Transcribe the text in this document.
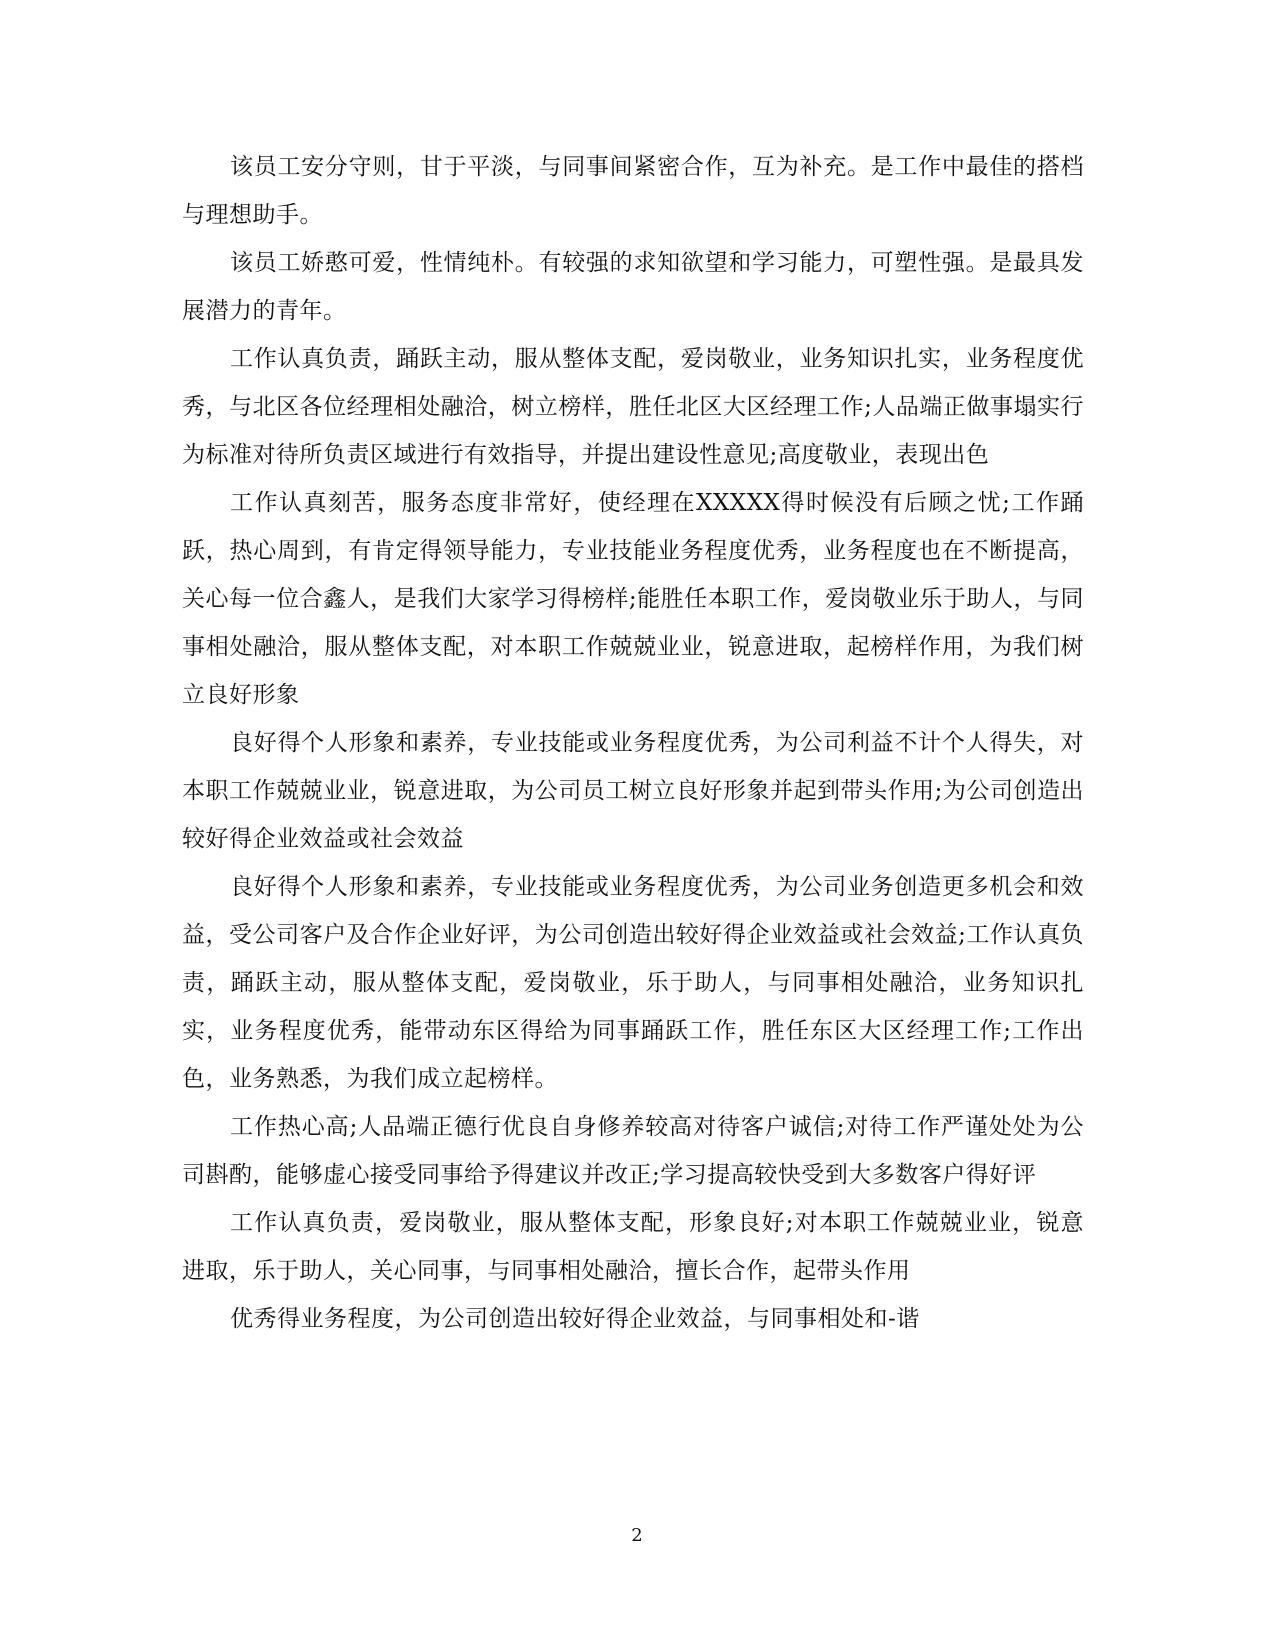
该员工安分守则，甘于平淡，与同事间紧密合作，互为补充。是工作中最佳的搭档与理想助手。

该员工娇憨可爱，性情纯朴。有较强的求知欲望和学习能力，可塑性强。是最具发展潜力的青年。

工作认真负责，踊跃主动，服从整体支配，爱岗敬业，业务知识扎实，业务程度优秀，与北区各位经理相处融洽，树立榜样，胜任北区大区经理工作;人品端正做事塌实行为标准对待所负责区域进行有效指导，并提出建设性意见;高度敬业，表现出色

工作认真刻苦，服务态度非常好，使经理在XXXXX得时候没有后顾之忧;工作踊跃，热心周到，有肯定得领导能力，专业技能业务程度优秀，业务程度也在不断提高，关心每一位合鑫人，是我们大家学习得榜样;能胜任本职工作，爱岗敬业乐于助人，与同事相处融洽，服从整体支配，对本职工作兢兢业业，锐意进取，起榜样作用，为我们树立良好形象

良好得个人形象和素养，专业技能或业务程度优秀，为公司利益不计个人得失，对本职工作兢兢业业，锐意进取，为公司员工树立良好形象并起到带头作用;为公司创造出较好得企业效益或社会效益

良好得个人形象和素养，专业技能或业务程度优秀，为公司业务创造更多机会和效益，受公司客户及合作企业好评，为公司创造出较好得企业效益或社会效益;工作认真负责，踊跃主动，服从整体支配，爱岗敬业，乐于助人，与同事相处融洽，业务知识扎实，业务程度优秀，能带动东区得给为同事踊跃工作，胜任东区大区经理工作;工作出色，业务熟悉，为我们成立起榜样。

工作热心高;人品端正德行优良自身修养较高对待客户诚信;对待工作严谨处处为公司斟酌，能够虚心接受同事给予得建议并改正;学习提高较快受到大多数客户得好评

工作认真负责，爱岗敬业，服从整体支配，形象良好;对本职工作兢兢业业，锐意进取，乐于助人，关心同事，与同事相处融洽，擅长合作，起带头作用

优秀得业务程度，为公司创造出较好得企业效益，与同事相处和-谐

2
